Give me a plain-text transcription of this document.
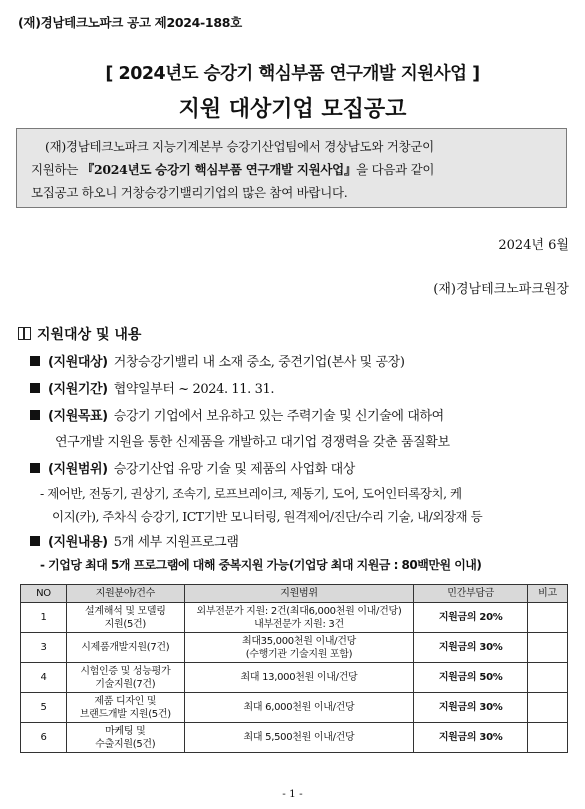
(재)경남테크노파크 공고 제2024-188호
[ 2024년도 승강기 핵심부품 연구개발 지원사업 ]
지원 대상기업 모집공고
(재)경남테크노파크 지능기계본부 승강기산업팀에서 경상남도와 거창군이
지원하는 『2024년도 승강기 핵심부품 연구개발 지원사업』을 다음과 같이
모집공고 하오니 거창승강기밸리기업의 많은 참여 바랍니다.
2024년 6월
(재)경남테크노파크원장
지원대상 및 내용
(지원대상) 거창승강기밸리 내 소재 중소, 중견기업(본사 및 공장)
(지원기간) 협약일부터 ~ 2024. 11. 31.
(지원목표) 승강기 기업에서 보유하고 있는 주력기술 및 신기술에 대하여
연구개발 지원을 통한 신제품을 개발하고 대기업 경쟁력을 갖춘 품질확보
(지원범위) 승강기산업 유망 기술 및 제품의 사업화 대상
- 제어반, 전동기, 권상기, 조속기, 로프브레이크, 제동기, 도어, 도어인터록장치, 케
이지(카), 주차식 승강기, ICT기반 모니터링, 원격제어/진단/수리 기술, 내/외장재 등
(지원내용) 5개 세부 지원프로그램
- 기업당 최대 5개 프로그램에 대해 중복지원 가능(기업당 최대 지원금 : 80백만원 이내)
NO	지원분야/건수	지원범위	민간부담금	비고
1	설계해석 및 모델링
지원(5건)	외부전문가 지원: 2건(최대6,000천원 이내/건당)
내부전문가 지원: 3건	지원금의 20%	
3	시제품개발지원(7건)	최대35,000천원 이내/건당
(수행기관 기술지원 포함)	지원금의 30%	
4	시험인증 및 성능평가
기술지원(7건)	최대 13,000천원 이내/건당	지원금의 50%	
5	제품 디자인 및
브랜드개발 지원(5건)	최대 6,000천원 이내/건당	지원금의 30%	
6	마케팅 및
수출지원(5건)	최대 5,500천원 이내/건당	지원금의 30%	
- 1 -
